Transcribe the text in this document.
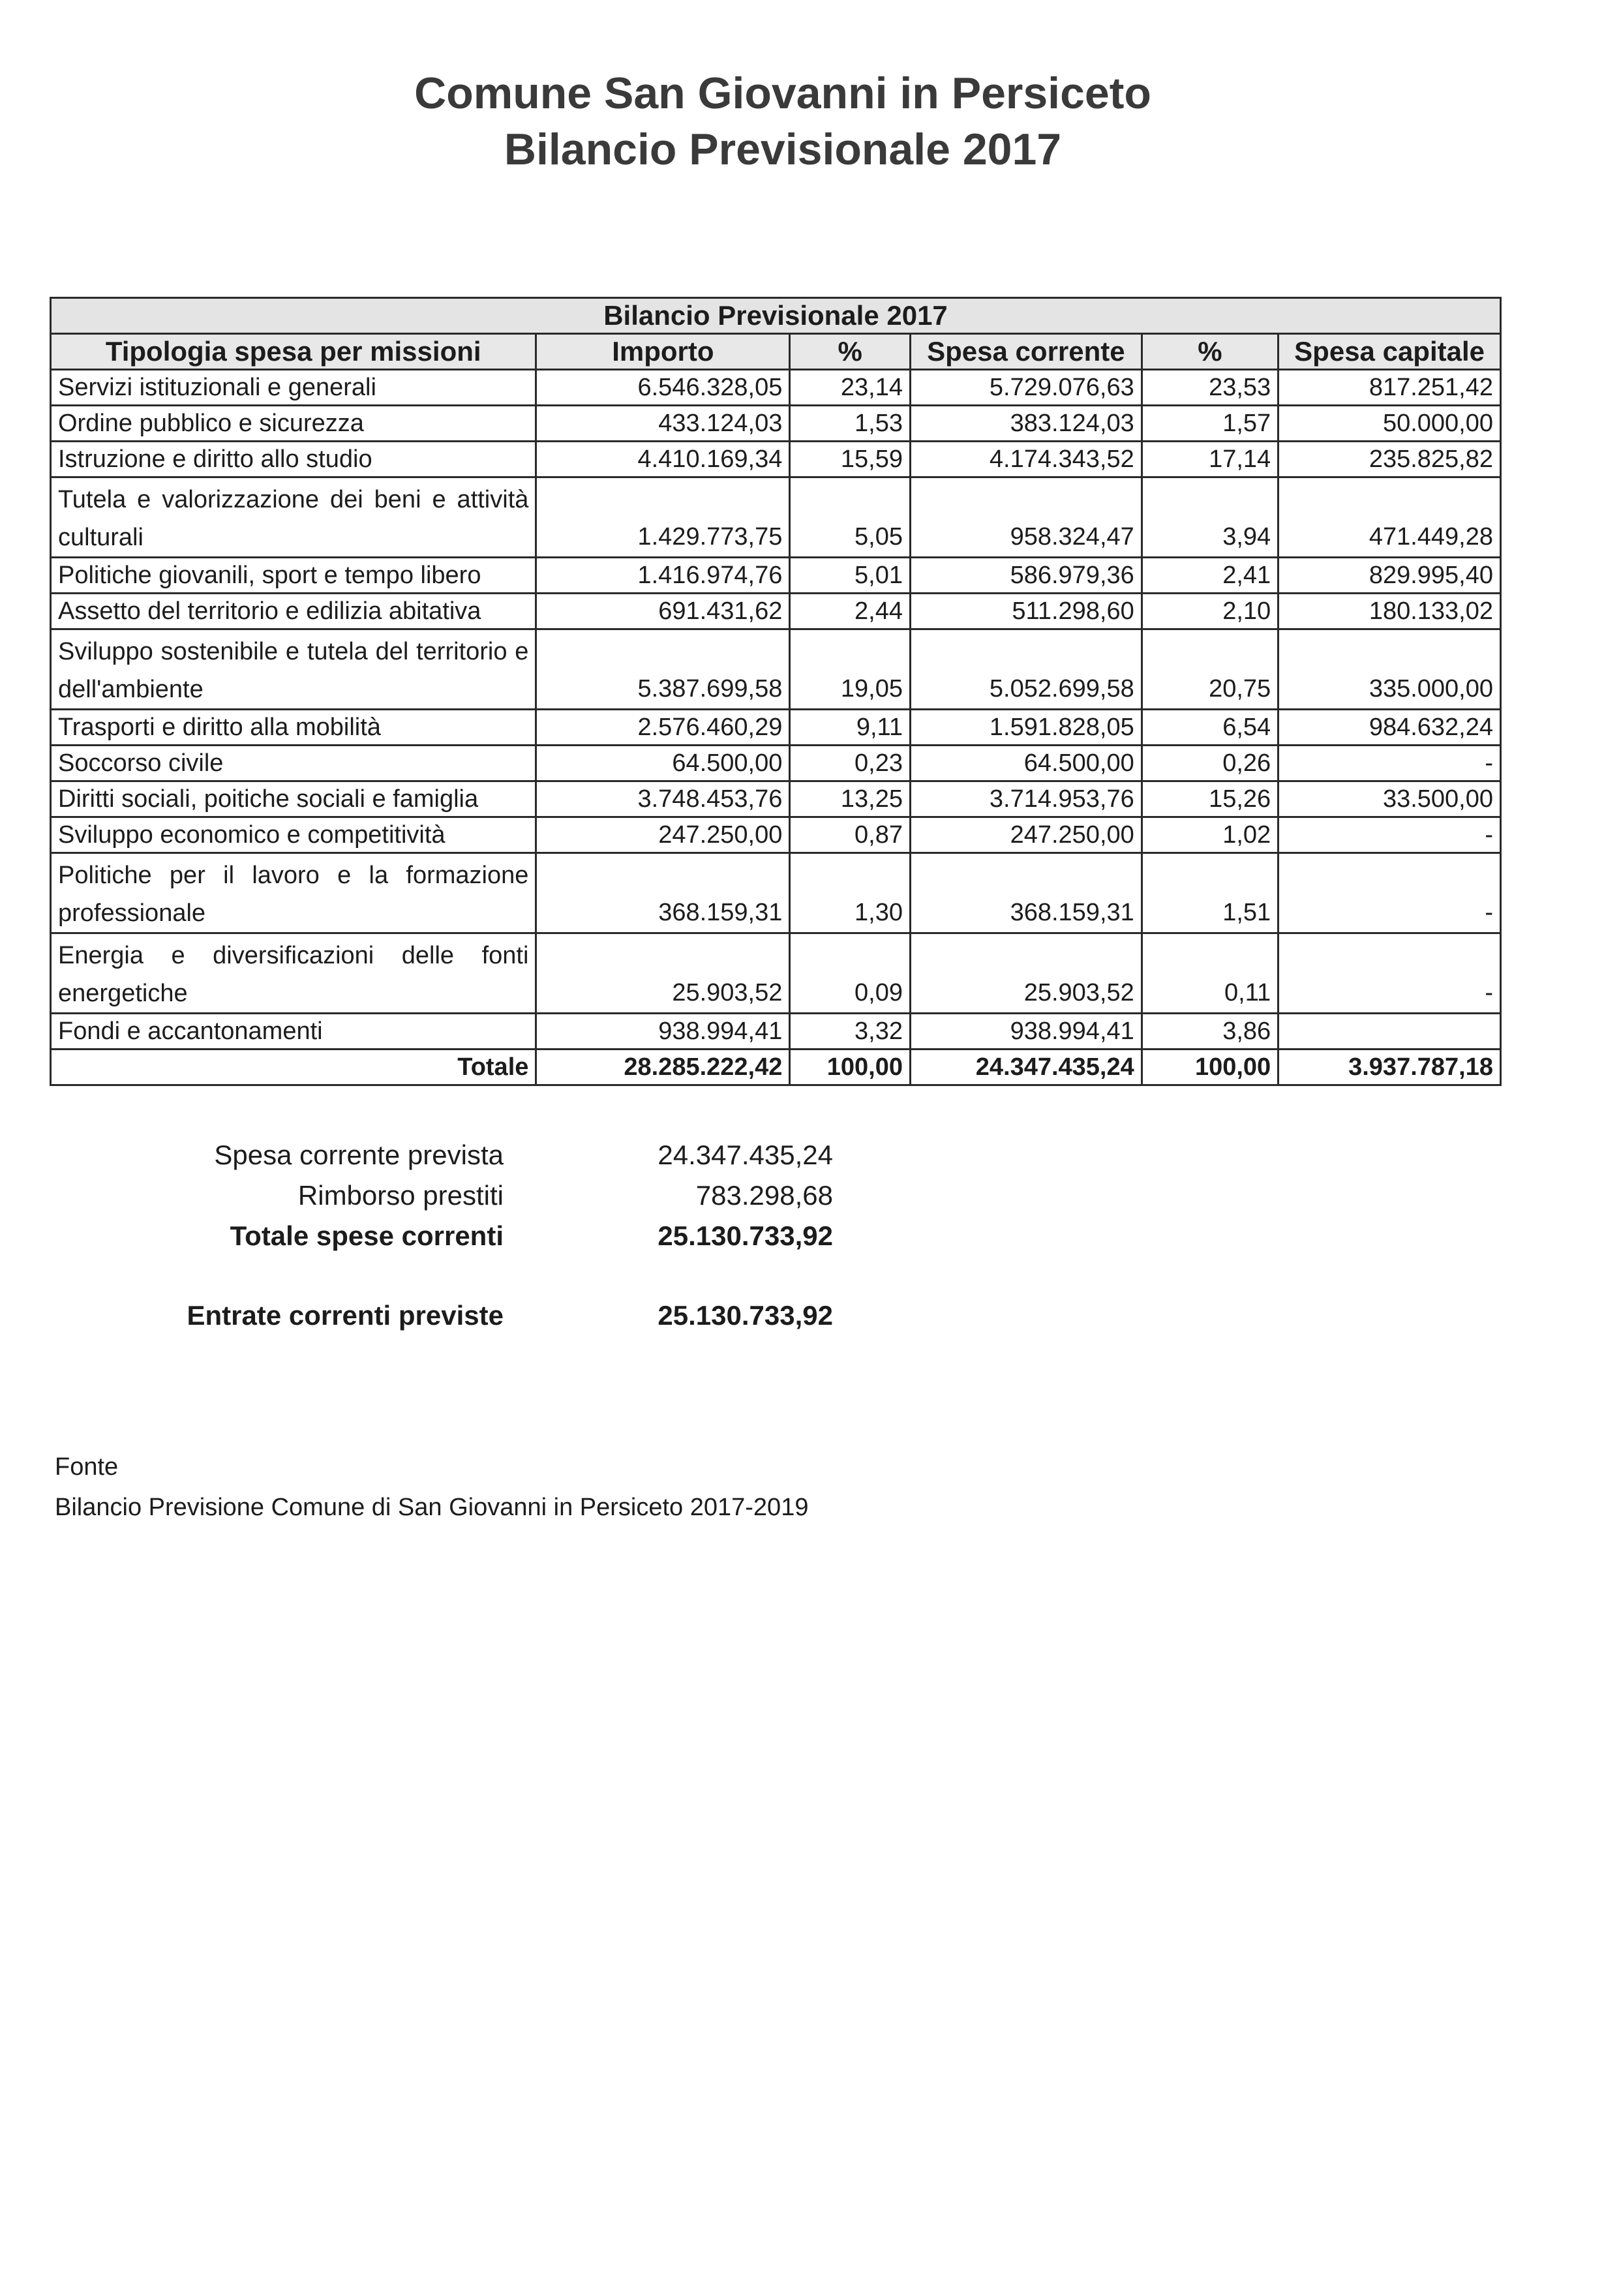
Comune San Giovanni in Persiceto
Bilancio Previsionale 2017
Bilancio Previsionale 2017					
Tipologia spesa per missioni	Importo	%	Spesa corrente	%	Spesa capitale
Servizi istituzionali e generali	6.546.328,05	23,14	5.729.076,63	23,53	817.251,42
Ordine pubblico e sicurezza	433.124,03	1,53	383.124,03	1,57	50.000,00
Istruzione e diritto allo studio	4.410.169,34	15,59	4.174.343,52	17,14	235.825,82
Tutela e valorizzazione dei beni e attività culturali	1.429.773,75	5,05	958.324,47	3,94	471.449,28
Politiche giovanili, sport e tempo libero	1.416.974,76	5,01	586.979,36	2,41	829.995,40
Assetto del territorio e edilizia abitativa	691.431,62	2,44	511.298,60	2,10	180.133,02
Sviluppo sostenibile e tutela del territorio e dell'ambiente	5.387.699,58	19,05	5.052.699,58	20,75	335.000,00
Trasporti e diritto alla mobilità	2.576.460,29	9,11	1.591.828,05	6,54	984.632,24
Soccorso civile	64.500,00	0,23	64.500,00	0,26	-
Diritti sociali, poitiche sociali e famiglia	3.748.453,76	13,25	3.714.953,76	15,26	33.500,00
Sviluppo economico e competitività	247.250,00	0,87	247.250,00	1,02	-
Politiche per il lavoro e la formazione professionale	368.159,31	1,30	368.159,31	1,51	-
Energia e diversificazioni delle fonti energetiche	25.903,52	0,09	25.903,52	0,11	-
Fondi e accantonamenti	938.994,41	3,32	938.994,41	3,86	
Totale	28.285.222,42	100,00	24.347.435,24	100,00	3.937.787,18
Spesa corrente prevista	24.347.435,24
Rimborso prestiti	783.298,68
Totale spese correnti	25.130.733,92
Entrate correnti previste	25.130.733,92
Fonte
Bilancio Previsione Comune di San Giovanni in Persiceto 2017-2019
